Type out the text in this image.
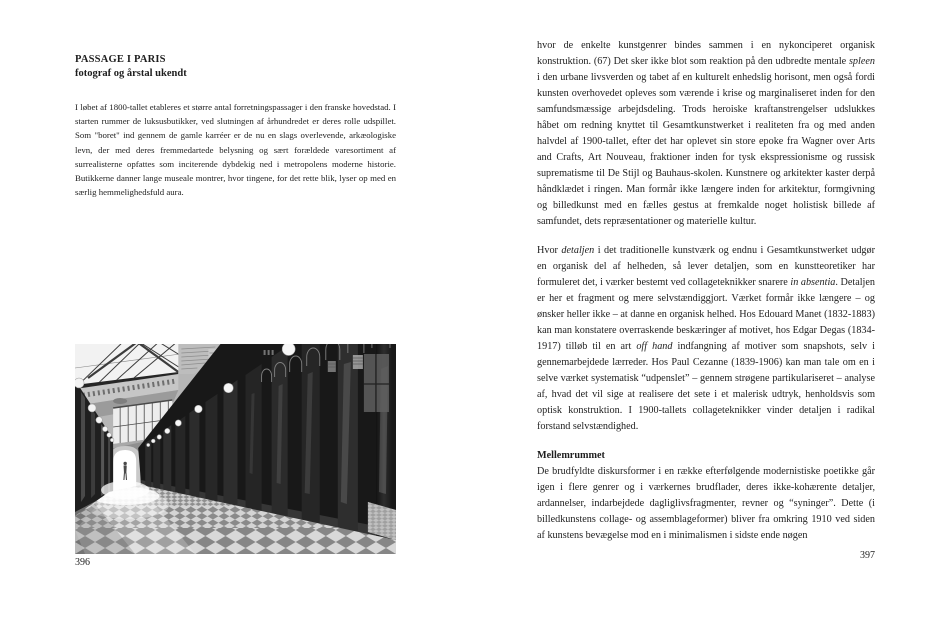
PASSAGE I PARIS
fotograf og årstal ukendt
I løbet af 1800-tallet etableres et større antal forretningspassager i den franske hovedstad. I starten rummer de luksusbutikker, ved slutningen af århundredet er deres rolle udspillet. Som "boret" ind gennem de gamle karréer er de nu en slags overlevende, arkæologiske levn, der med deres fremmedartede belysning og sært forældede varesortiment af surrealisterne opfattes som inciterende dybdekig ned i metropolens moderne historie. Butikkerne danner lange museale montrer, hvor tingene, for det rette blik, lyser op med en særlig hemmelighedsfuld aura.
396

hvor de enkelte kunstgenrer bindes sammen i en nykonciperet organisk konstruktion. (67) Det sker ikke blot som reaktion på den udbredte mentale spleen i den urbane livsverden og tabet af en kulturelt enhedslig horisont, men også fordi kunsten overhovedet opleves som værende i krise og marginaliseret inden for den samfundsmæssige arbejdsdeling. Trods heroiske kraftanstrengelser udslukkes håbet om redning knyttet til Gesamtkunstwerket i realiteten fra og med anden halvdel af 1900-tallet, efter det har oplevet sin store epoke fra Wagner over Arts and Crafts, Art Nouveau, fraktioner inden for tysk ekspressionisme og russisk suprematisme til De Stijl og Bauhaus-skolen. Kunstnere og arkitekter kaster derpå håndklædet i ringen. Man formår ikke længere inden for arkitektur, formgivning og billedkunst med en fælles gestus at fremkalde noget holistisk billede af samfundet, dets repræsentationer og materielle kultur.

Hvor detaljen i det traditionelle kunstværk og endnu i Gesamtkunstwerket udgør en organisk del af helheden, så lever detaljen, som en kunstteoretiker har formuleret det, i værker bestemt ved collageteknikker snarere in absentia. Detaljen er her et fragment og mere selvstændiggjort. Værket formår ikke længere – og ønsker heller ikke – at danne en organisk helhed. Hos Edouard Manet (1832-1883) kan man konstatere overraskende beskæringer af motivet, hos Edgar Degas (1834-1917) tilløb til en art off hand indfangning af motiver som snapshots, selv i gennemarbejdede lærreder. Hos Paul Cezanne (1839-1906) kan man tale om en i selve værket systematisk “udpenslet” – gennem strøgene partikulariseret – analyse af, hvad det vil sige at realisere det sete i et malerisk udtryk, henholdsvis som optisk konstruktion. I 1900-tallets collageteknikker vinder detaljen i radikal forstand selvstændighed.

Mellemrummet

De brudfyldte diskursformer i en række efterfølgende modernistiske poetikke går igen i flere genrer og i værkernes brudflader, deres ikke-kohærente detaljer, ardannelser, indarbejdede dagliglivsfragmenter, revner og “syninger”. Dette (i billedkunstens collage- og assemblageformer) bliver fra omkring 1910 ved siden af kunstens bevægelse mod en i minimalismen i sidste ende nøgen

397
